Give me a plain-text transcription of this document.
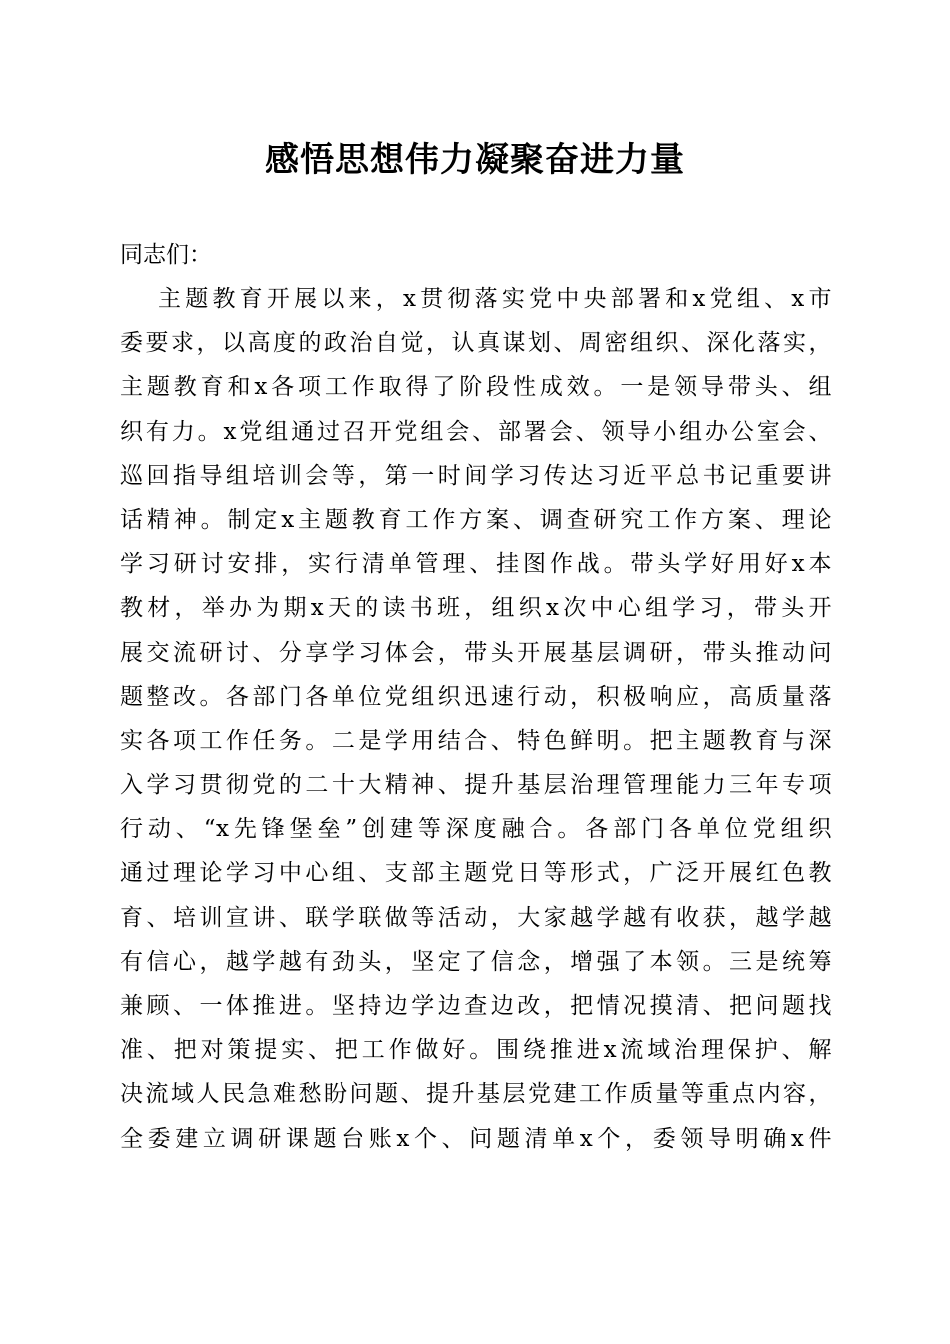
感悟思想伟力凝聚奋进力量

同志们：

主题教育开展以来，x贯彻落实党中央部署和x党组、x市
委要求，以高度的政治自觉，认真谋划、周密组织、深化落实，
主题教育和x各项工作取得了阶段性成效。一是领导带头、组
织有力。x党组通过召开党组会、部署会、领导小组办公室会、
巡回指导组培训会等，第一时间学习传达习近平总书记重要讲
话精神。制定x主题教育工作方案、调查研究工作方案、理论
学习研讨安排，实行清单管理、挂图作战。带头学好用好x本
教材，举办为期x天的读书班，组织x次中心组学习，带头开
展交流研讨、分享学习体会，带头开展基层调研，带头推动问
题整改。各部门各单位党组织迅速行动，积极响应，高质量落
实各项工作任务。二是学用结合、特色鲜明。把主题教育与深
入学习贯彻党的二十大精神、提升基层治理管理能力三年专项
行动、“x先锋堡垒”创建等深度融合。各部门各单位党组织
通过理论学习中心组、支部主题党日等形式，广泛开展红色教
育、培训宣讲、联学联做等活动，大家越学越有收获，越学越
有信心，越学越有劲头，坚定了信念，增强了本领。三是统筹
兼顾、一体推进。坚持边学边查边改，把情况摸清、把问题找
准、把对策提实、把工作做好。围绕推进x流域治理保护、解
决流域人民急难愁盼问题、提升基层党建工作质量等重点内容，
全委建立调研课题台账x个、问题清单x个，委领导明确x件
